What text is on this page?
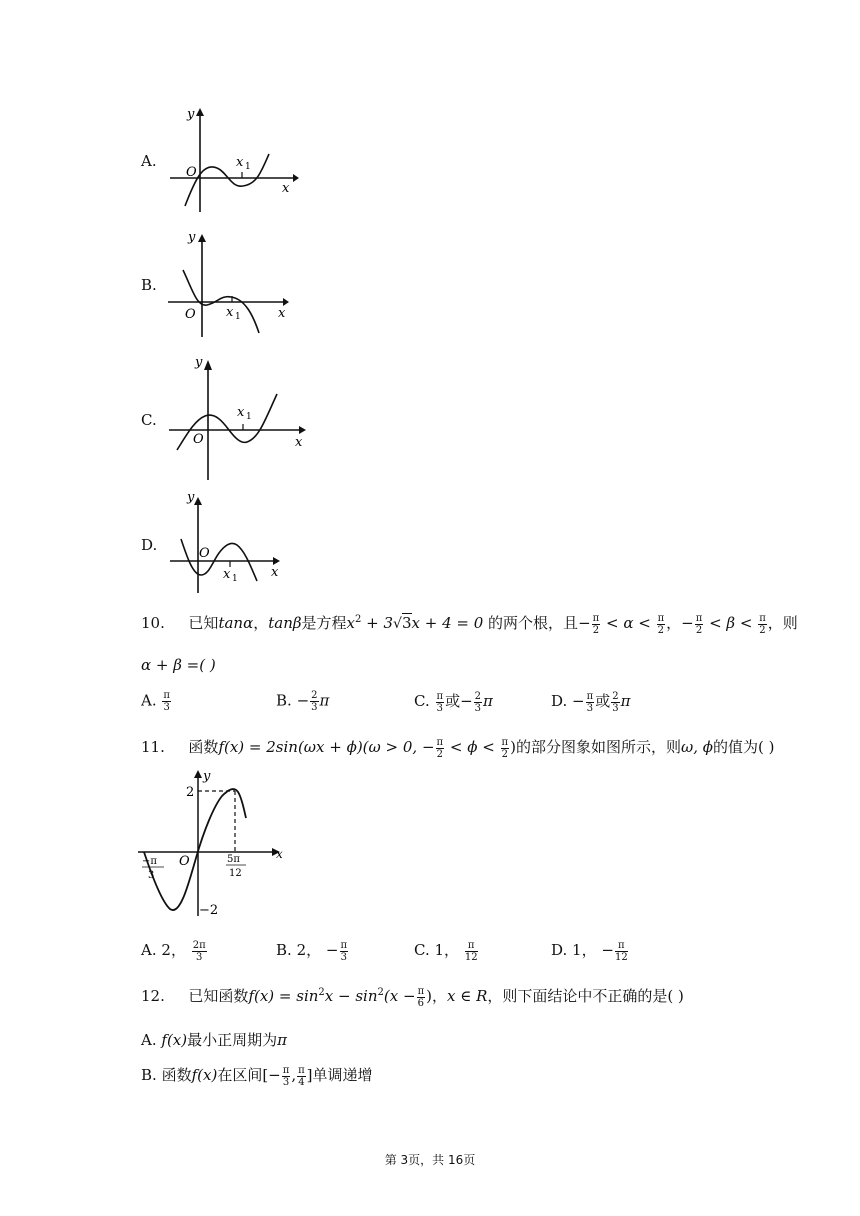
A.
y
O
x 1
x
B.
y
O x 1	x
C.
y
O
x 1
x
D.
y
O
x 1	x
10. 已知tanα，tanβ是方程$x^2 + 3√3x + 4 = 0$ 的两个根，且− $\frac{\pi}{2} < \alpha < \frac{\pi}{2}$ ，− $\frac{\pi}{2} < \beta < \frac{\pi}{2}$ ，则
α + β =( )
A. $\frac{\pi}{3}$	B. − $\frac{2}{3}$ π	C. $\frac{\pi}{3}$ 或− $\frac{2}{3}$ π	D. − $\frac{\pi}{3}$ 或 $\frac{2}{3}$ π
11. 函数f(x) = 2sin(ωx + ϕ)(ω > 0, − $\frac{\pi}{2} < \phi < \frac{\pi}{2}$ )的部分图象如图所示，则ω, ϕ的值为( )
y
x
O
2
−2
−π
3
5π
12
A. 2， $\frac{2\pi}{3}$	B. 2， − $\frac{\pi}{3}$	C. 1， $\frac{\pi}{12}$	D. 1， − $\frac{\pi}{12}$
12. 已知函数$f(x) = \sin^2x - \sin^2(x - \frac{\pi}{6}$ )，x ∈ R，则下面结论中不正确的是( )
A. f(x)最小正周期为π
B. 函数f(x)在区间[− $\frac{\pi}{3}$ , $\frac{\pi}{4}$ ]单调递增
第 3页，共 16页
